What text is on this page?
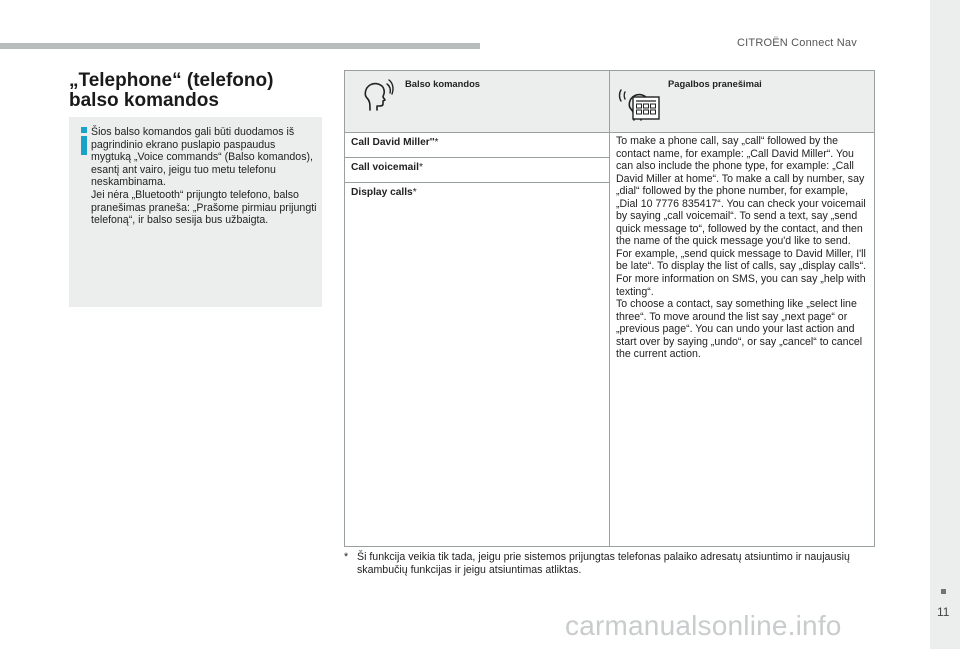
CITROËN Connect Nav
11
„Telephone“ (telefono) balso komandos
Šios balso komandos gali būti duodamos iš pagrindinio ekrano puslapio paspaudus mygtuką „Voice commands“ (Balso komandos), esantį ant vairo, jeigu tuo metu telefonu neskambinama.
Jei nėra „Bluetooth“ prijungto telefono, balso pranešimas praneša: „Prašome pirmiau prijungti telefoną“, ir balso sesija bus užbaigta.
Balso komandos	Pagalbos pranešimai
Call David Miller''*
Call voicemail*
Display calls*
To make a phone call, say „call“ followed by the contact name, for example: „Call David Miller“. You can also include the phone type, for example: „Call David Miller at home“. To make a call by number, say „dial“ followed by the phone number, for example, „Dial 10 7776 835417“. You can check your voicemail by saying „call voicemail“. To send a text, say „send quick message to“, followed by the contact, and then the name of the quick message you'd like to send. For example, „send quick message to David Miller, I'll be late“. To display the list of calls, say „display calls“. For more information on SMS, you can say „help with texting“.
To choose a contact, say something like „select line three“. To move around the list say „next page“ or „previous page“. You can undo your last action and start over by saying „undo“, or say „cancel“ to cancel the current action.
* Ši funkcija veikia tik tada, jeigu prie sistemos prijungtas telefonas palaiko adresatų atsiuntimo ir naujausių skambučių funkcijas ir jeigu atsiuntimas atliktas.
carmanualsonline.info
